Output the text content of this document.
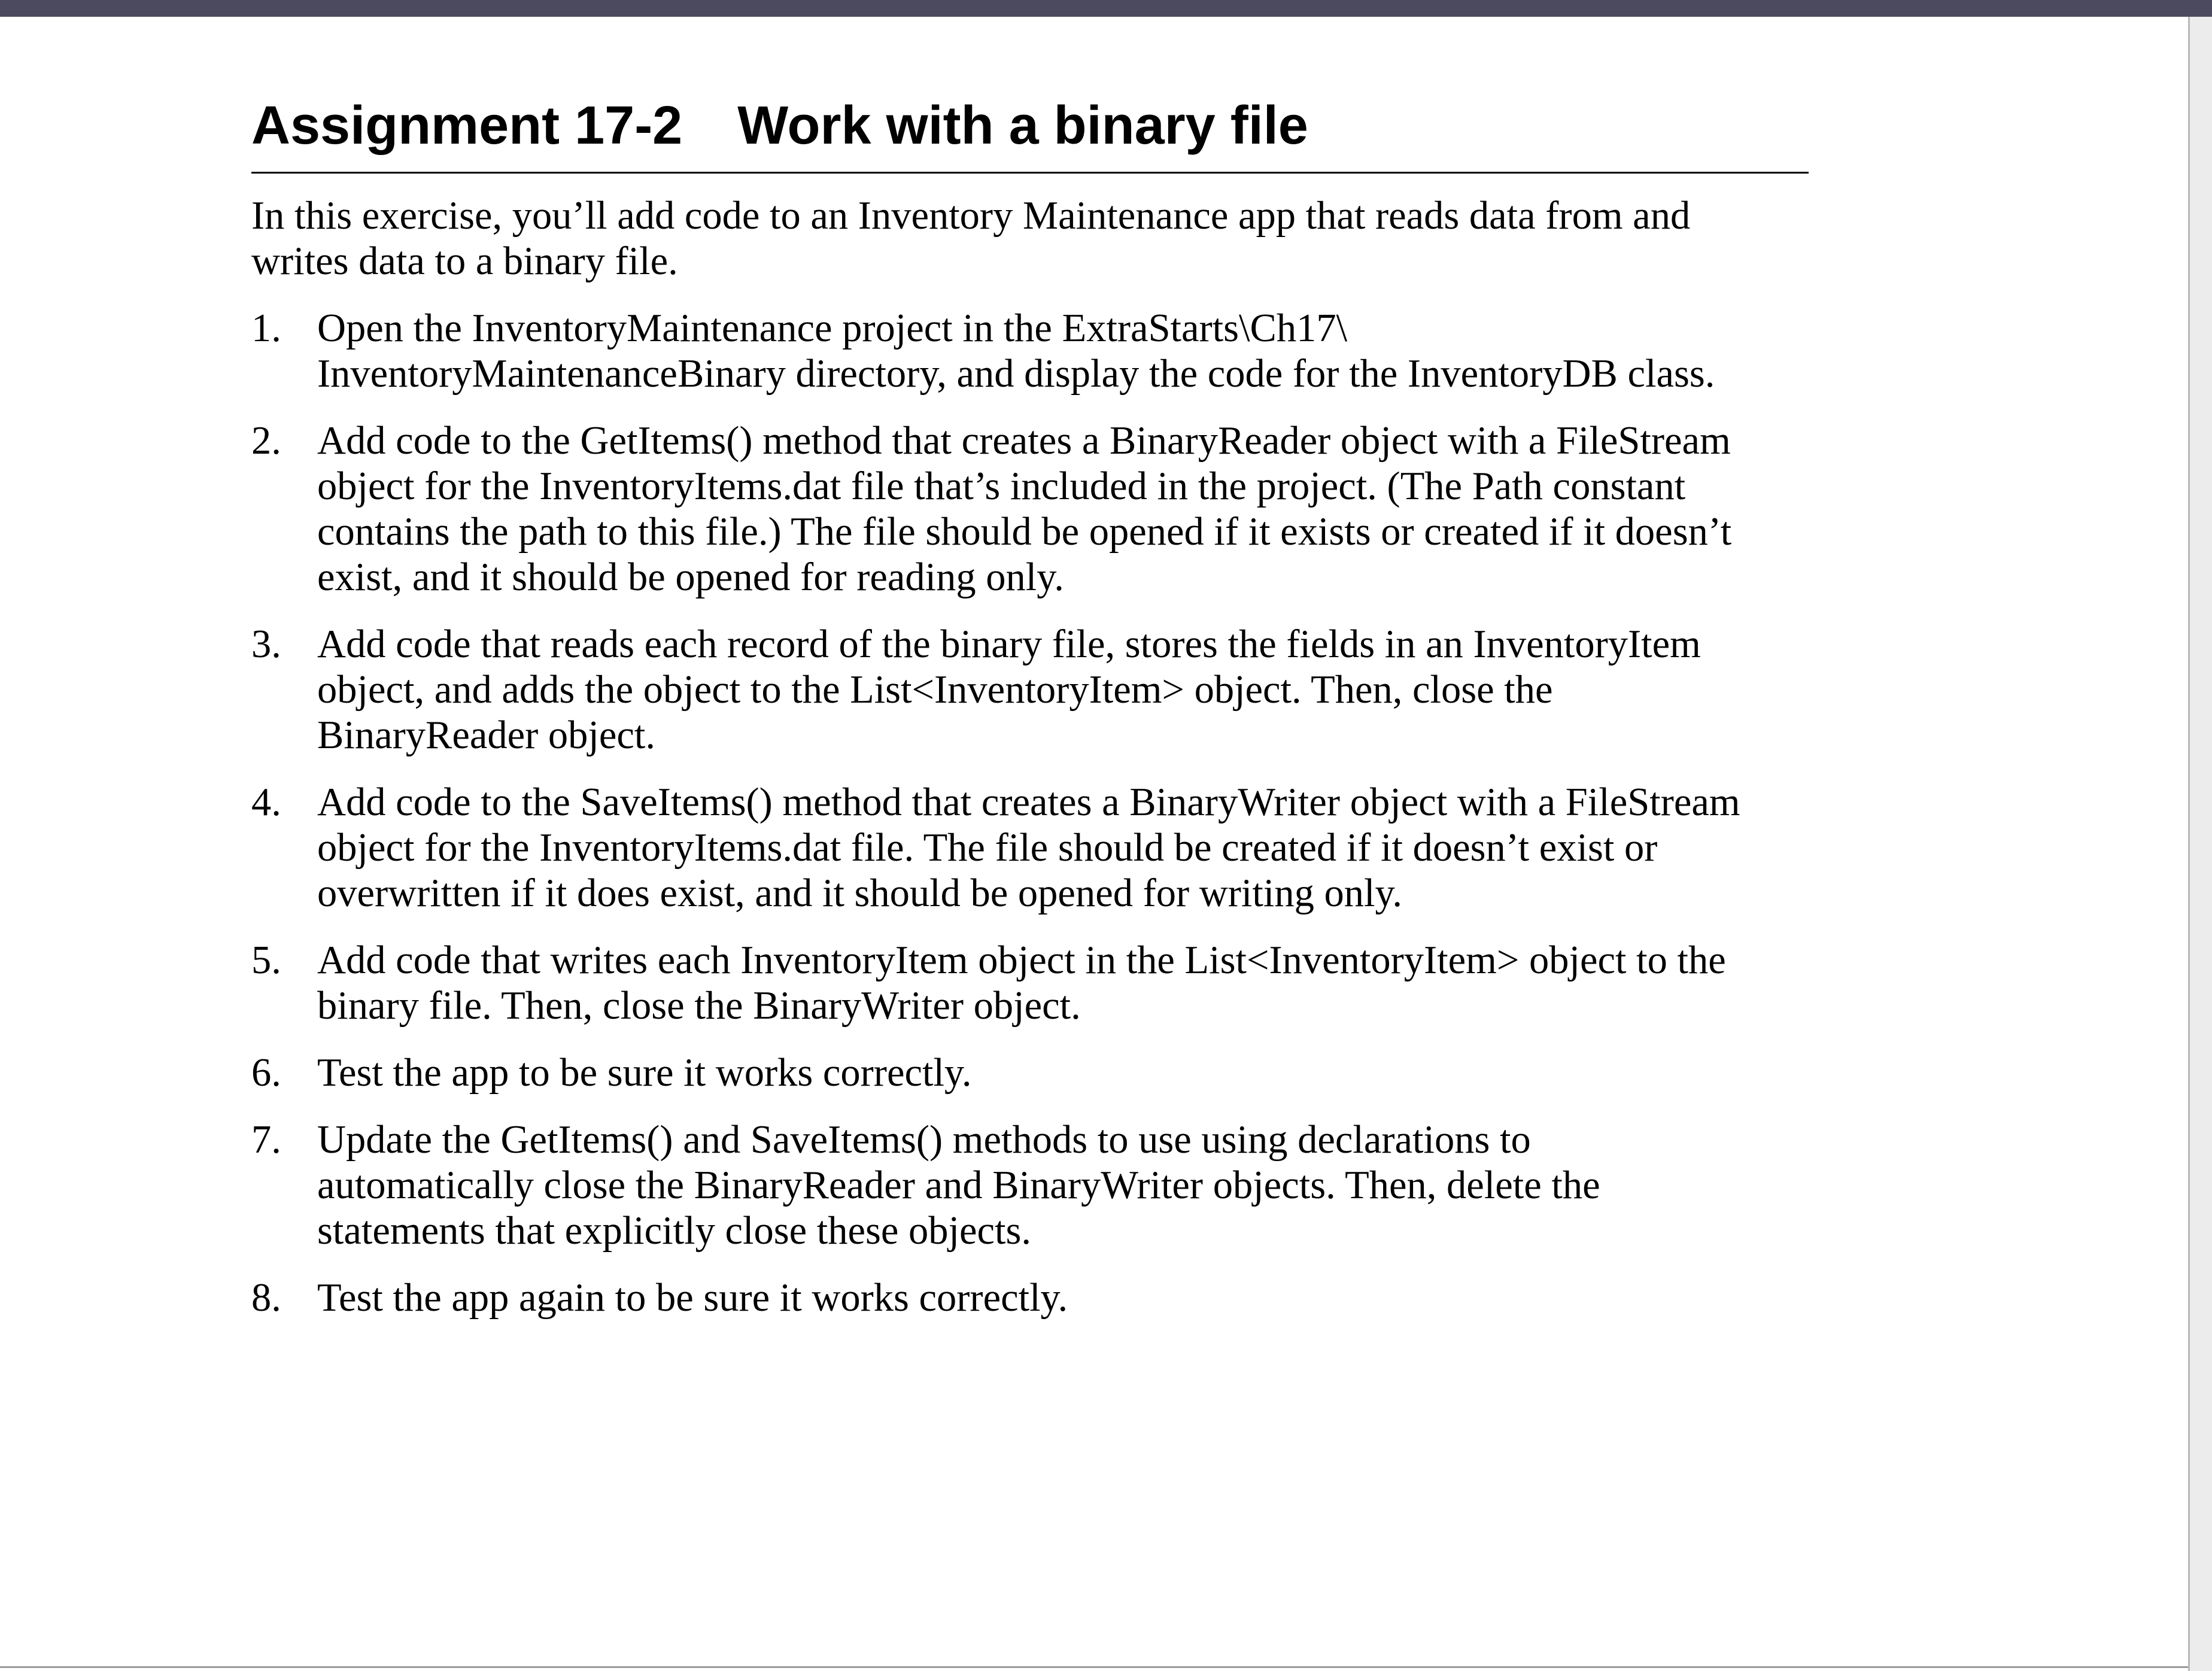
Assignment 17-2 Work with a binary file

In this exercise, you’ll add code to an Inventory Maintenance app that reads data from and
writes data to a binary file.

1. Open the InventoryMaintenance project in the ExtraStarts\Ch17\
InventoryMaintenanceBinary directory, and display the code for the InventoryDB class.
2. Add code to the GetItems() method that creates a BinaryReader object with a FileStream
object for the InventoryItems.dat file that’s included in the project. (The Path constant
contains the path to this file.) The file should be opened if it exists or created if it doesn’t
exist, and it should be opened for reading only.
3. Add code that reads each record of the binary file, stores the fields in an InventoryItem
object, and adds the object to the List<InventoryItem> object. Then, close the
BinaryReader object.
4. Add code to the SaveItems() method that creates a BinaryWriter object with a FileStream
object for the InventoryItems.dat file. The file should be created if it doesn’t exist or
overwritten if it does exist, and it should be opened for writing only.
5. Add code that writes each InventoryItem object in the List<InventoryItem> object to the
binary file. Then, close the BinaryWriter object.
6. Test the app to be sure it works correctly.
7. Update the GetItems() and SaveItems() methods to use using declarations to
automatically close the BinaryReader and BinaryWriter objects. Then, delete the
statements that explicitly close these objects.
8. Test the app again to be sure it works correctly.
